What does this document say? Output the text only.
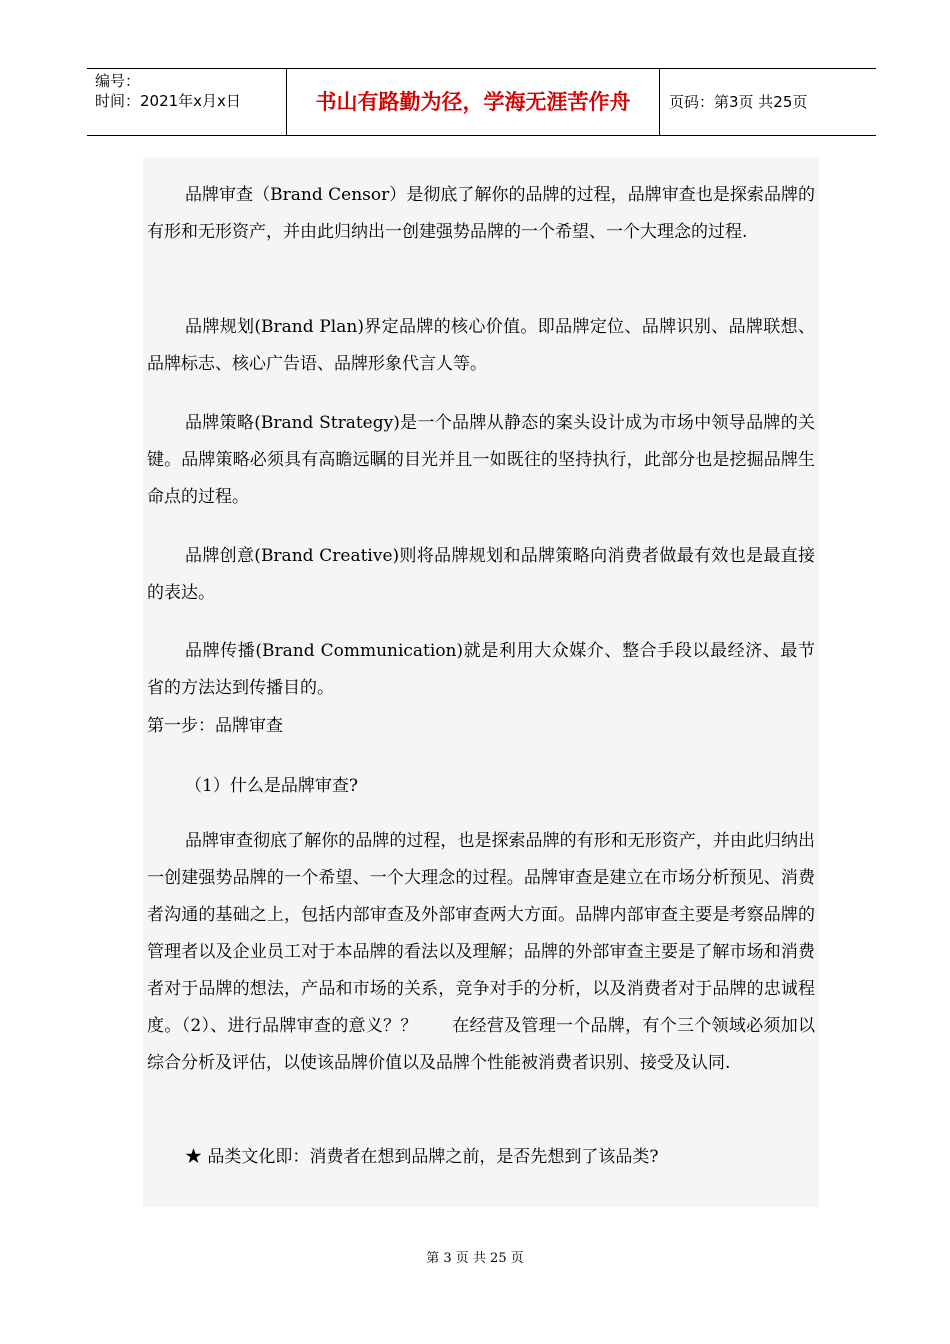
编号：
时间：2021年x月x日	书山有路勤为径，学海无涯苦作舟	页码：第3页 共25页

品牌审查（Brand Censor）是彻底了解你的品牌的过程，品牌审查也是探索品牌的有形和无形资产，并由此归纳出一创建强势品牌的一个希望、一个大理念的过程.

品牌规划(Brand Plan)界定品牌的核心价值。即品牌定位、品牌识别、品牌联想、品牌标志、核心广告语、品牌形象代言人等。

品牌策略(Brand Strategy)是一个品牌从静态的案头设计成为市场中领导品牌的关键。品牌策略必须具有高瞻远瞩的目光并且一如既往的坚持执行，此部分也是挖掘品牌生命点的过程。

品牌创意(Brand Creative)则将品牌规划和品牌策略向消费者做最有效也是最直接的表达。

品牌传播(Brand Communication)就是利用大众媒介、整合手段以最经济、最节省的方法达到传播目的。

第一步：品牌审查

（1）什么是品牌审查?

品牌审查彻底了解你的品牌的过程，也是探索品牌的有形和无形资产，并由此归纳出一创建强势品牌的一个希望、一个大理念的过程。品牌审查是建立在市场分析预见、消费者沟通的基础之上，包括内部审查及外部审查两大方面。品牌内部审查主要是考察品牌的管理者以及企业员工对于本品牌的看法以及理解；品牌的外部审查主要是了解市场和消费者对于品牌的想法，产品和市场的关系，竞争对手的分析，以及消费者对于品牌的忠诚程度。（2）、进行品牌审查的意义？？　　在经营及管理一个品牌，有个三个领域必须加以综合分析及评估，以使该品牌价值以及品牌个性能被消费者识别、接受及认同.

★ 品类文化即：消费者在想到品牌之前，是否先想到了该品类?

第 3 页 共 25 页
